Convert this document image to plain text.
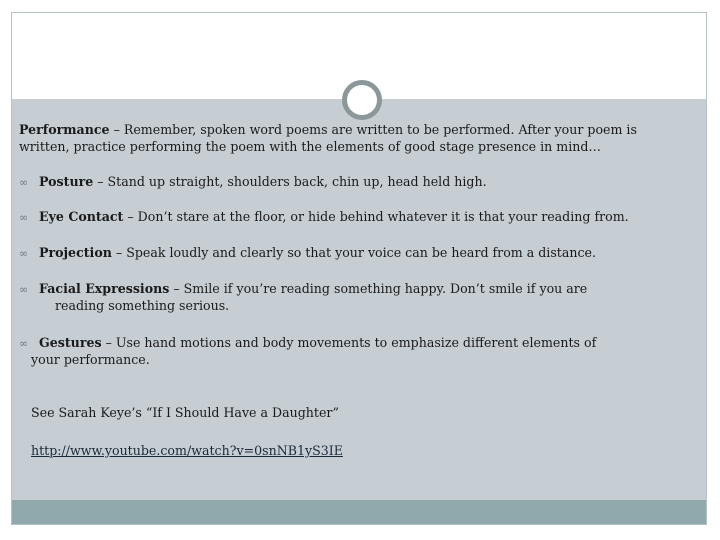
Performance – Remember, spoken word poems are written to be performed. After your poem is
written, practice performing the poem with the elements of good stage presence in mind…
∞ Posture – Stand up straight, shoulders back, chin up, head held high.
∞ Eye Contact – Don’t stare at the floor, or hide behind whatever it is that your reading from.
∞ Projection – Speak loudly and clearly so that your voice can be heard from a distance.
∞ Facial Expressions – Smile if you’re reading something happy. Don’t smile if you are
reading something serious.
∞ Gestures – Use hand motions and body movements to emphasize different elements of
your performance.
See Sarah Keye’s “If I Should Have a Daughter”
http://www.youtube.com/watch?v=0snNB1yS3IE
